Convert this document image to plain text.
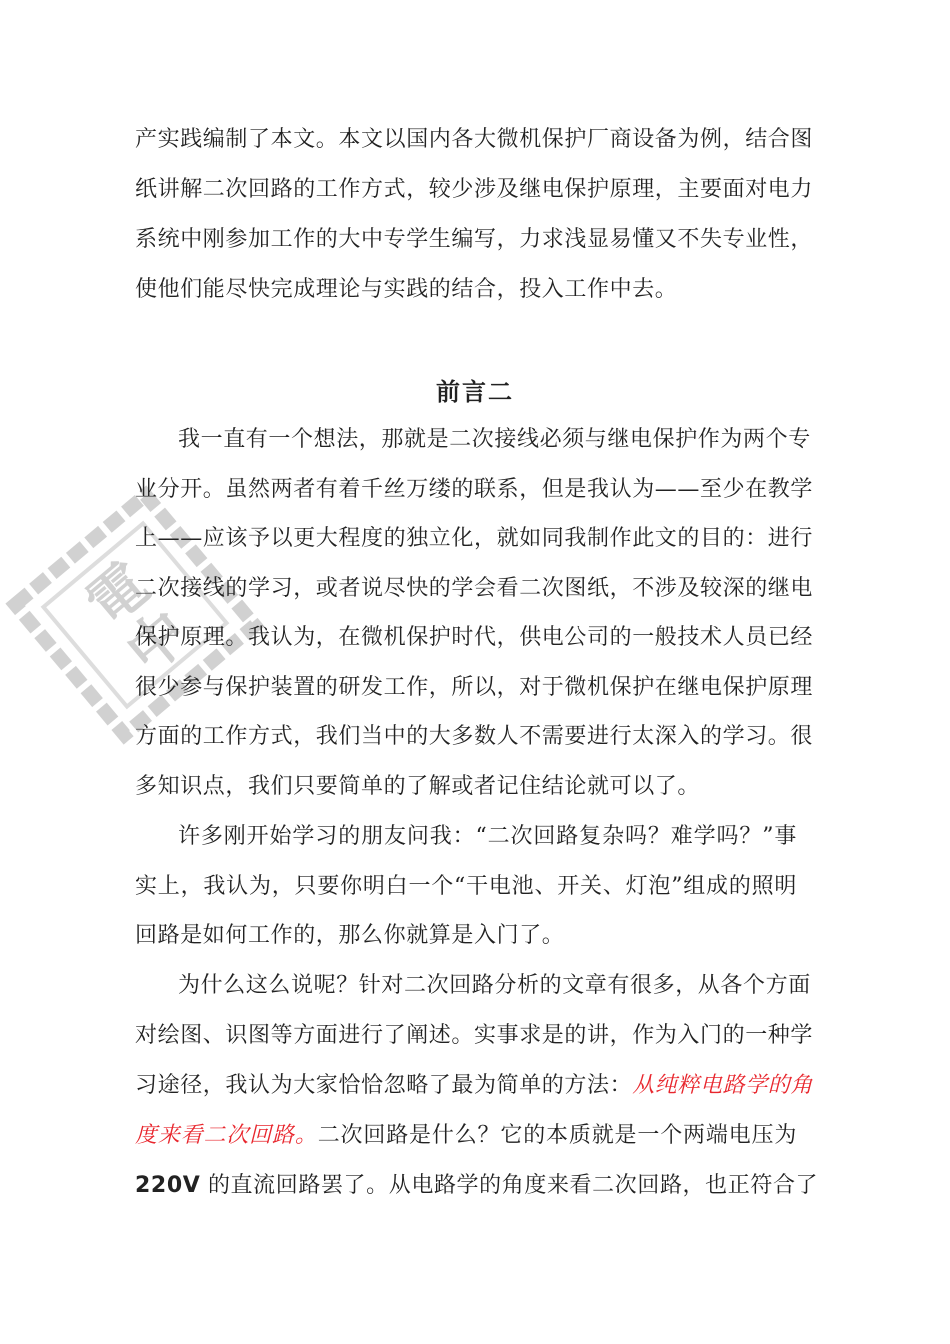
電
中
产实践编制了本文。本文以国内各大微机保护厂商设备为例，结合图
纸讲解二次回路的工作方式，较少涉及继电保护原理，主要面对电力
系统中刚参加工作的大中专学生编写，力求浅显易懂又不失专业性，
使他们能尽快完成理论与实践的结合，投入工作中去。
前言二
我一直有一个想法，那就是二次接线必须与继电保护作为两个专
业分开。虽然两者有着千丝万缕的联系，但是我认为——至少在教学
上——应该予以更大程度的独立化，就如同我制作此文的目的：进行
二次接线的学习，或者说尽快的学会看二次图纸，不涉及较深的继电
保护原理。我认为，在微机保护时代，供电公司的一般技术人员已经
很少参与保护装置的研发工作，所以，对于微机保护在继电保护原理
方面的工作方式，我们当中的大多数人不需要进行太深入的学习。很
多知识点，我们只要简单的了解或者记住结论就可以了。
许多刚开始学习的朋友问我：“二次回路复杂吗？难学吗？”事
实上，我认为，只要你明白一个“干电池、开关、灯泡”组成的照明
回路是如何工作的，那么你就算是入门了。
为什么这么说呢？针对二次回路分析的文章有很多，从各个方面
对绘图、识图等方面进行了阐述。实事求是的讲，作为入门的一种学
习途径，我认为大家恰恰忽略了最为简单的方法：从纯粹电路学的角
度来看二次回路。二次回路是什么？它的本质就是一个两端电压为
220V 的直流回路罢了。从电路学的角度来看二次回路，也正符合了
